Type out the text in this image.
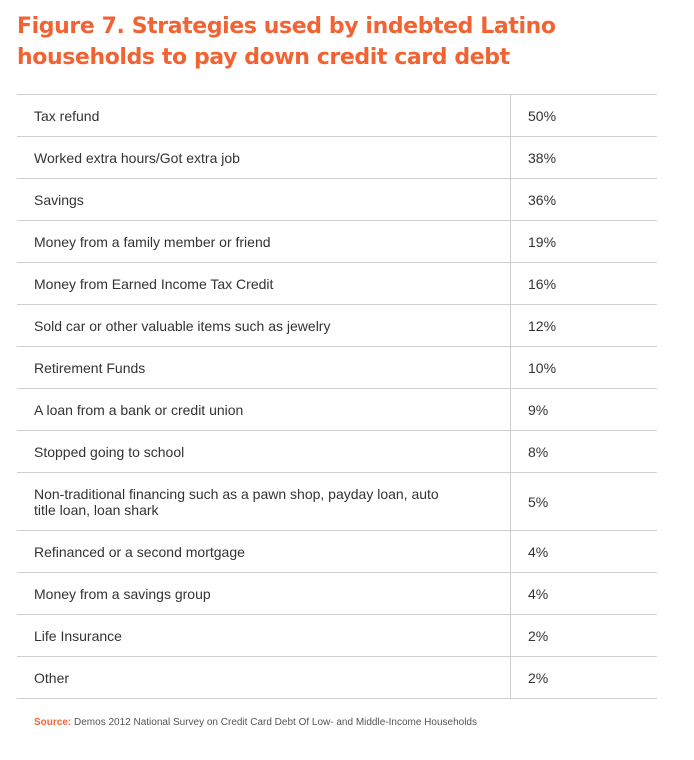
Figure 7. Strategies used by indebted Latino households to pay down credit card debt
Tax refund	50%
Worked extra hours/Got extra job	38%
Savings	36%
Money from a family member or friend	19%
Money from Earned Income Tax Credit	16%
Sold car or other valuable items such as jewelry	12%
Retirement Funds	10%
A loan from a bank or credit union	9%
Stopped going to school	8%
Non-traditional financing such as a pawn shop, payday loan, auto title loan, loan shark	5%
Refinanced or a second mortgage	4%
Money from a savings group	4%
Life Insurance	2%
Other	2%

Source: Demos 2012 National Survey on Credit Card Debt Of Low- and Middle-Income Households
